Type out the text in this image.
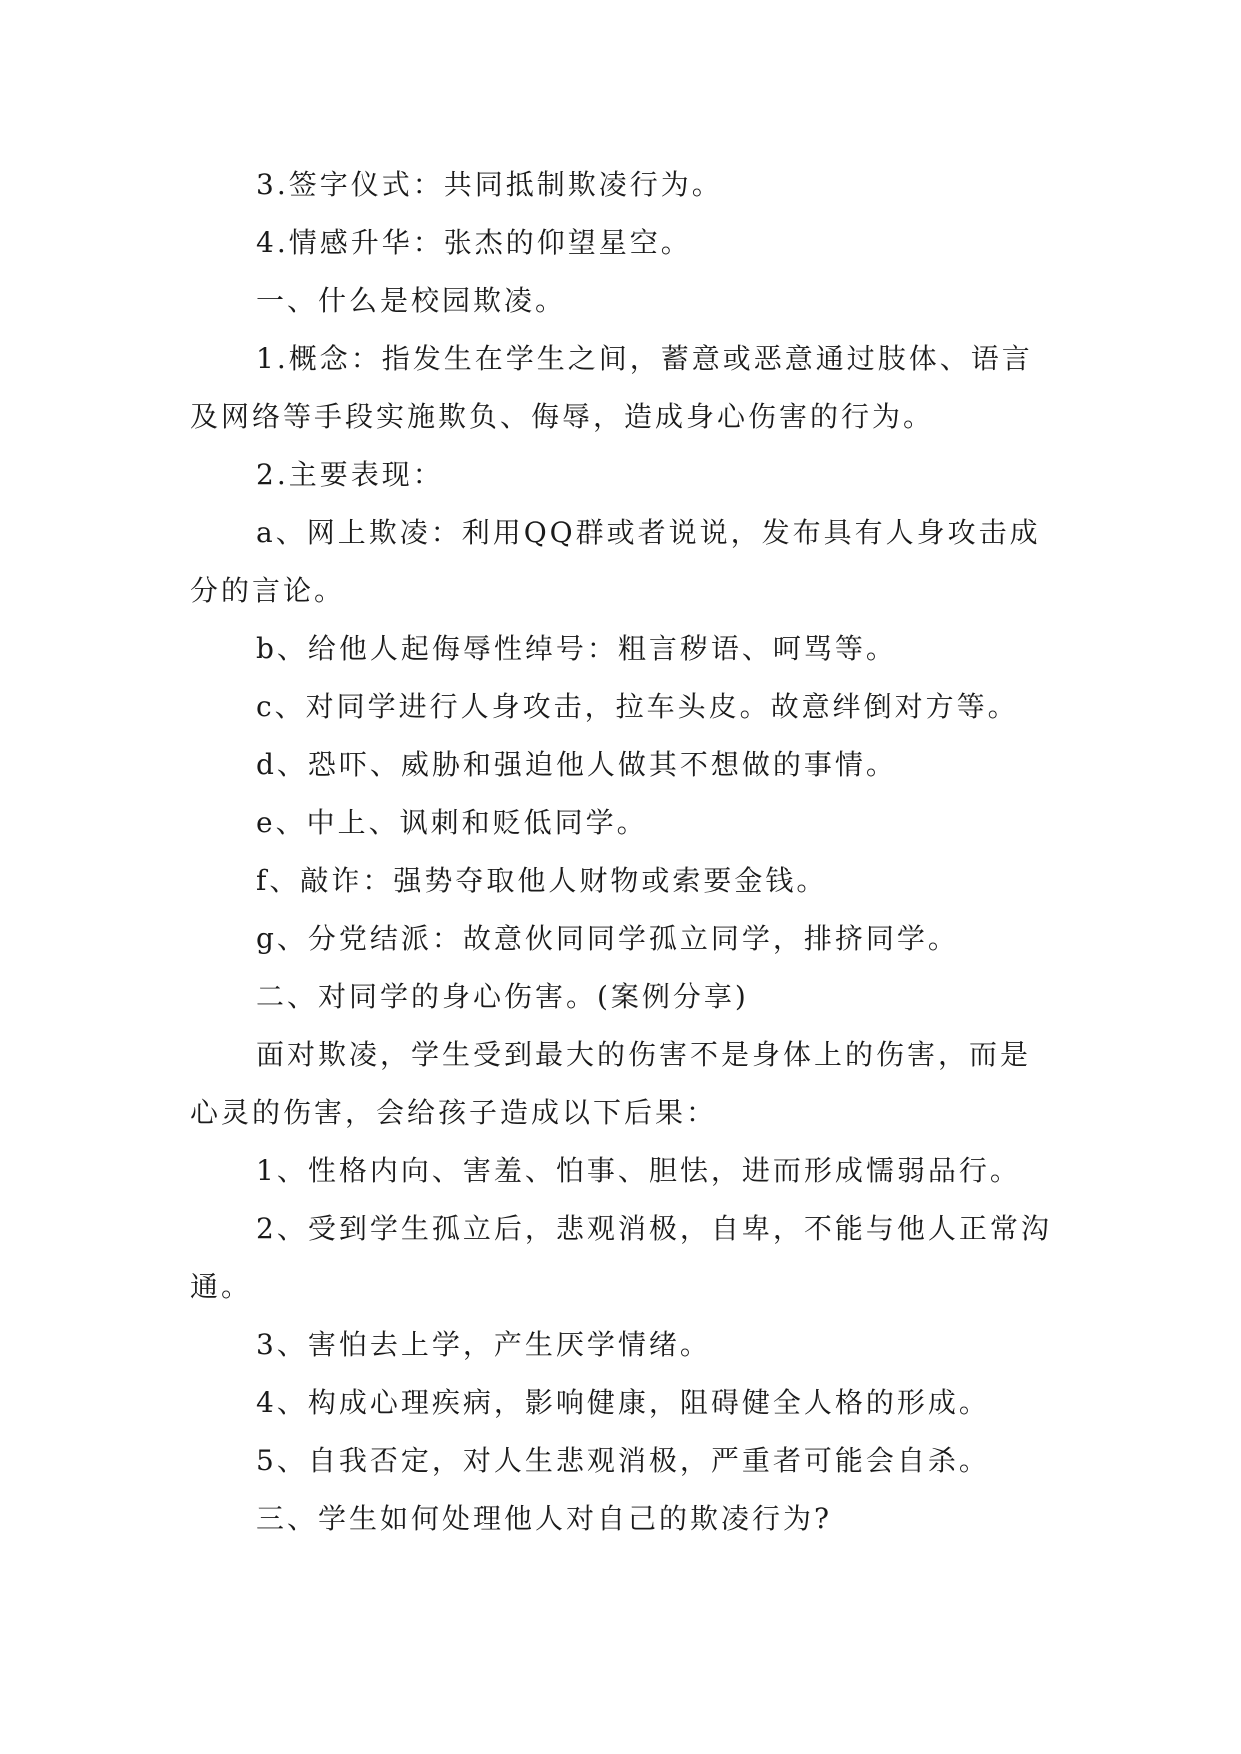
3.签字仪式：共同抵制欺凌行为。

4.情感升华：张杰的仰望星空。

一、什么是校园欺凌。

1.概念：指发生在学生之间，蓄意或恶意通过肢体、语言及网络等手段实施欺负、侮辱，造成身心伤害的行为。

2.主要表现：

a、网上欺凌：利用QQ群或者说说，发布具有人身攻击成分的言论。

b、给他人起侮辱性绰号：粗言秽语、呵骂等。

c、对同学进行人身攻击，拉车头皮。故意绊倒对方等。

d、恐吓、威胁和强迫他人做其不想做的事情。

e、中上、讽刺和贬低同学。

f、敲诈：强势夺取他人财物或索要金钱。

g、分党结派：故意伙同同学孤立同学，排挤同学。

二、对同学的身心伤害。(案例分享)

面对欺凌，学生受到最大的伤害不是身体上的伤害，而是心灵的伤害，会给孩子造成以下后果：

1、性格内向、害羞、怕事、胆怯，进而形成懦弱品行。

2、受到学生孤立后，悲观消极，自卑，不能与他人正常沟通。

3、害怕去上学，产生厌学情绪。

4、构成心理疾病，影响健康，阻碍健全人格的形成。

5、自我否定，对人生悲观消极，严重者可能会自杀。

三、学生如何处理他人对自己的欺凌行为?
